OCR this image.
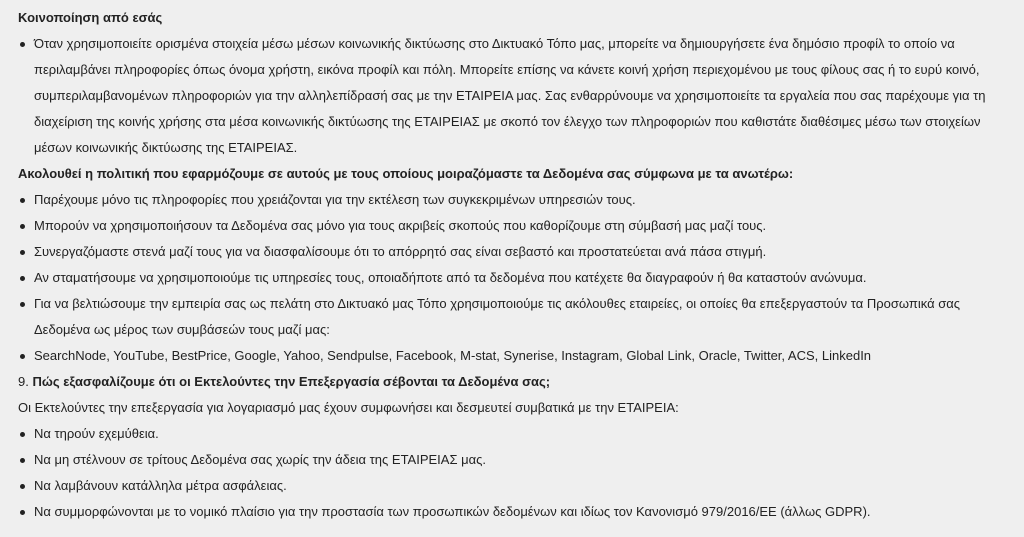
Κοινοποίηση από εσάς

Όταν χρησιμοποιείτε ορισμένα στοιχεία μέσω μέσων κοινωνικής δικτύωσης στο Δικτυακό Τόπο μας, μπορείτε να δημιουργήσετε ένα δημόσιο προφίλ το οποίο να περιλαμβάνει πληροφορίες όπως όνομα χρήστη, εικόνα προφίλ και πόλη. Μπορείτε επίσης να κάνετε κοινή χρήση περιεχομένου με τους φίλους σας ή το ευρύ κοινό, συμπεριλαμβανομένων πληροφοριών για την αλληλεπίδρασή σας με την ΕΤΑΙΡΕΙΑ μας. Σας ενθαρρύνουμε να χρησιμοποιείτε τα εργαλεία που σας παρέχουμε για τη διαχείριση της κοινής χρήσης στα μέσα κοινωνικής δικτύωσης της ΕΤΑΙΡΕΙΑΣ με σκοπό τον έλεγχο των πληροφοριών που καθιστάτε διαθέσιμες μέσω των στοιχείων μέσων κοινωνικής δικτύωσης της ΕΤΑΙΡΕΙΑΣ.

Ακολουθεί η πολιτική που εφαρμόζουμε σε αυτούς με τους οποίους μοιραζόμαστε τα Δεδομένα σας σύμφωνα με τα ανωτέρω:

Παρέχουμε μόνο τις πληροφορίες που χρειάζονται για την εκτέλεση των συγκεκριμένων υπηρεσιών τους.
Μπορούν να χρησιμοποιήσουν τα Δεδομένα σας μόνο για τους ακριβείς σκοπούς που καθορίζουμε στη σύμβασή μας μαζί τους.
Συνεργαζόμαστε στενά μαζί τους για να διασφαλίσουμε ότι το απόρρητό σας είναι σεβαστό και προστατεύεται ανά πάσα στιγμή.
Αν σταματήσουμε να χρησιμοποιούμε τις υπηρεσίες τους, οποιαδήποτε από τα δεδομένα που κατέχετε θα διαγραφούν ή θα καταστούν ανώνυμα.
Για να βελτιώσουμε την εμπειρία σας ως πελάτη στο Δικτυακό μας Τόπο χρησιμοποιούμε τις ακόλουθες εταιρείες, οι οποίες θα επεξεργαστούν τα Προσωπικά σας Δεδομένα ως μέρος των συμβάσεών τους μαζί μας:
SearchNode, YouTube, BestPrice, Google, Yahoo, Sendpulse, Facebook, M-stat, Synerise, Instagram, Global Link, Oracle, Twitter, ACS, LinkedIn

9. Πώς εξασφαλίζουμε ότι οι Εκτελούντες την Επεξεργασία σέβονται τα Δεδομένα σας;

Οι Εκτελούντες την επεξεργασία για λογαριασμό μας έχουν συμφωνήσει και δεσμευτεί συμβατικά με την ΕΤΑΙΡΕΙΑ:

Να τηρούν εχεμύθεια.
Να μη στέλνουν σε τρίτους Δεδομένα σας χωρίς την άδεια της ΕΤΑΙΡΕΙΑΣ μας.
Να λαμβάνουν κατάλληλα μέτρα ασφάλειας.
Να συμμορφώνονται με το νομικό πλαίσιο για την προστασία των προσωπικών δεδομένων και ιδίως τον Κανονισμό 979/2016/ΕΕ (άλλως GDPR).
